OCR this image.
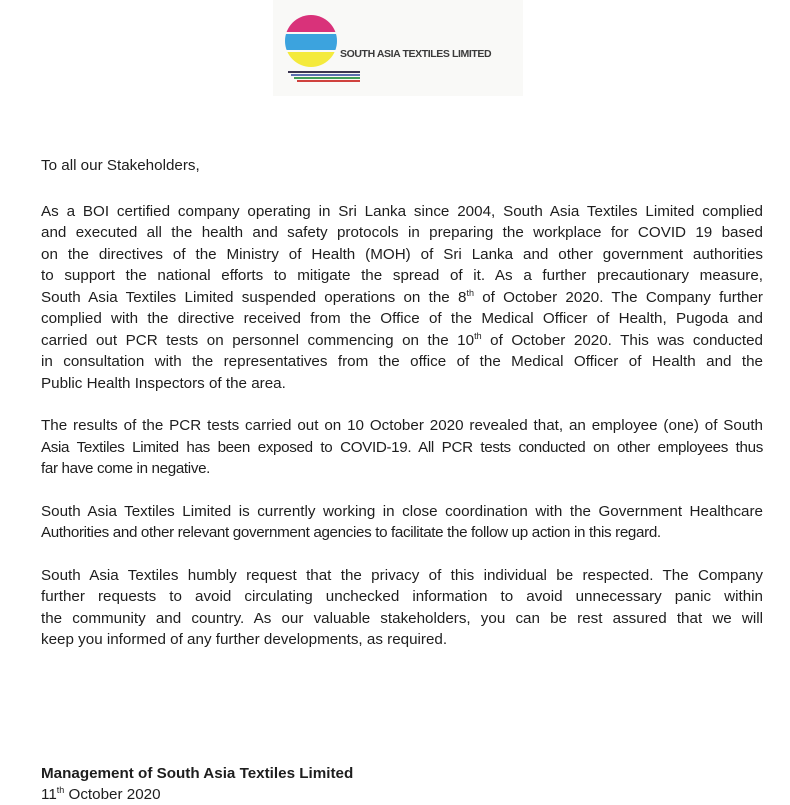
SOUTH ASIA TEXTILES LIMITED

To all our Stakeholders,

As a BOI certified company operating in Sri Lanka since 2004, South Asia Textiles Limited complied
and executed all the health and safety protocols in preparing the workplace for COVID 19 based
on the directives of the Ministry of Health (MOH) of Sri Lanka and other government authorities
to support the national efforts to mitigate the spread of it. As a further precautionary measure,
South Asia Textiles Limited suspended operations on the 8th of October 2020. The Company further
complied with the directive received from the Office of the Medical Officer of Health, Pugoda and
carried out PCR tests on personnel commencing on the 10th of October 2020. This was conducted
in consultation with the representatives from the office of the Medical Officer of Health and the
Public Health Inspectors of the area.

The results of the PCR tests carried out on 10 October 2020 revealed that, an employee (one) of South
Asia Textiles Limited has been exposed to COVID-19. All PCR tests conducted on other employees thus
far have come in negative.

South Asia Textiles Limited is currently working in close coordination with the Government Healthcare
Authorities and other relevant government agencies to facilitate the follow up action in this regard.

South Asia Textiles humbly request that the privacy of this individual be respected. The Company
further requests to avoid circulating unchecked information to avoid unnecessary panic within
the community and country. As our valuable stakeholders, you can be rest assured that we will
keep you informed of any further developments, as required.

Management of South Asia Textiles Limited
11th October 2020
